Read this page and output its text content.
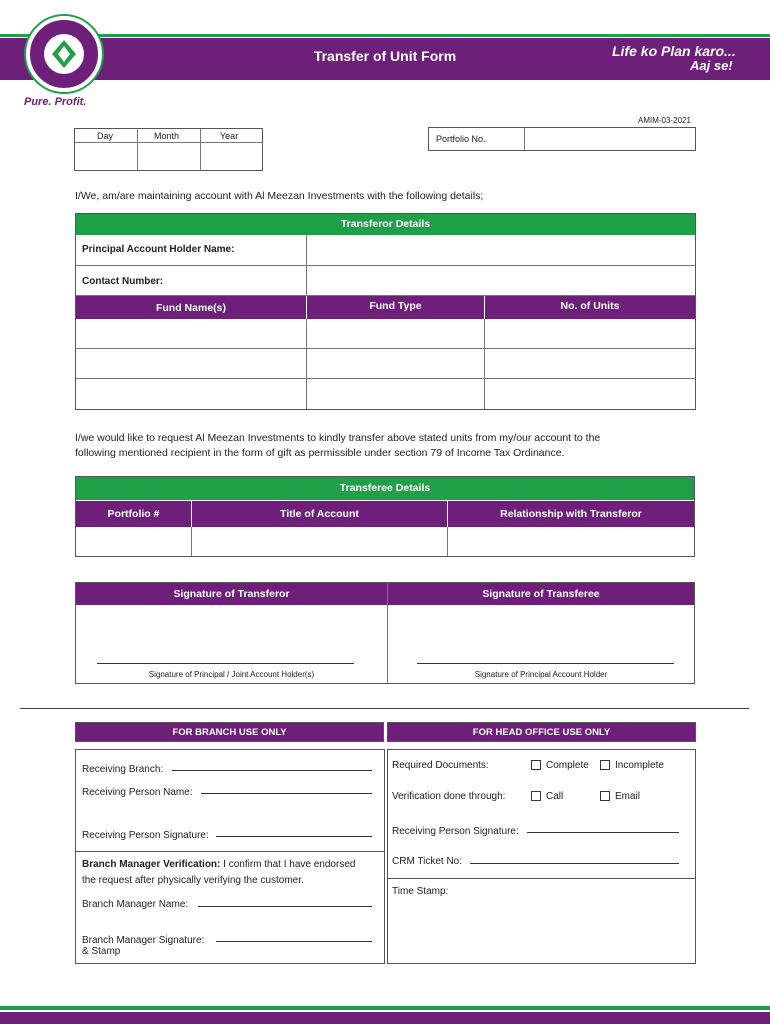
Transfer of Unit Form	Life ko Plan karo...
Aaj se!
Pure. Profit.
AMIM-03-2021
Day	Month	Year	Portfolio No.
I/We, am/are maintaining account with Al Meezan Investments with the following details;
Transferor Details
Principal Account Holder Name:
Contact Number:
Fund Name(s)	Fund Type	No. of Units
I/we would like to request Al Meezan Investments to kindly transfer above stated units from my/our account to the
following mentioned recipient in the form of gift as permissible under section 79 of Income Tax Ordinance.
Transferee Details
Portfolio #	Title of Account	Relationship with Transferor
Signature of Transferor	Signature of Transferee
Signature of Principal / Joint Account Holder(s)	Signature of Principal Account Holder
FOR BRANCH USE ONLY	FOR HEAD OFFICE USE ONLY
Receiving Branch:
Receiving Person Name:
Receiving Person Signature:
Branch Manager Verification: I confirm that I have endorsed
the request after physically verifying the customer.
Branch Manager Name:
Branch Manager Signature:
& Stamp
Required Documents:	Complete	Incomplete
Verification done through:	Call	Email
Receiving Person Signature:
CRM Ticket No:
Time Stamp:
